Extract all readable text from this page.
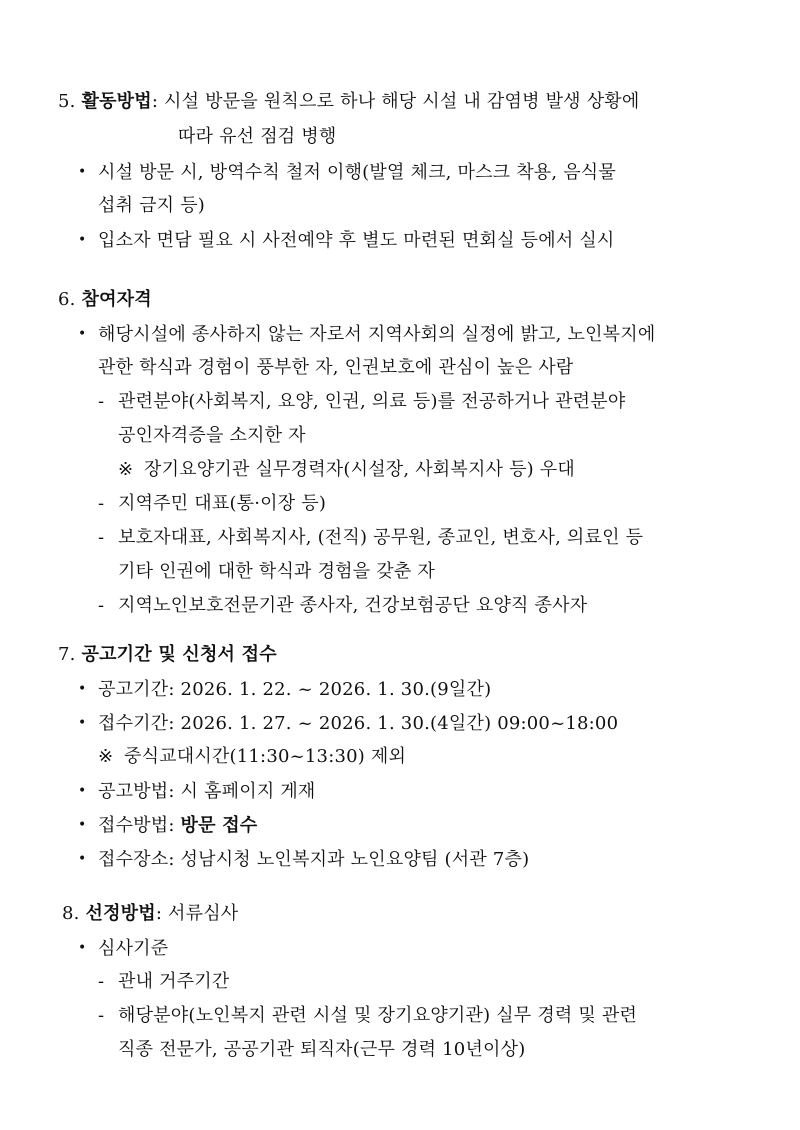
5. 활동방법: 시설 방문을 원칙으로 하나 해당 시설 내 감염병 발생 상황에
따라 유선 점검 병행
• 시설 방문 시, 방역수칙 철저 이행(발열 체크, 마스크 착용, 음식물
섭취 금지 등)
• 입소자 면담 필요 시 사전예약 후 별도 마련된 면회실 등에서 실시
6. 참여자격
• 해당시설에 종사하지 않는 자로서 지역사회의 실정에 밝고, 노인복지에
관한 학식과 경험이 풍부한 자, 인권보호에 관심이 높은 사람
- 관련분야(사회복지, 요양, 인권, 의료 등)를 전공하거나 관련분야
공인자격증을 소지한 자
※ 장기요양기관 실무경력자(시설장, 사회복지사 등) 우대
- 지역주민 대표(통·이장 등)
- 보호자대표, 사회복지사, (전직) 공무원, 종교인, 변호사, 의료인 등
기타 인권에 대한 학식과 경험을 갖춘 자
- 지역노인보호전문기관 종사자, 건강보험공단 요양직 종사자
7. 공고기간 및 신청서 접수
• 공고기간: 2026. 1. 22. ~ 2026. 1. 30.(9일간)
• 접수기간: 2026. 1. 27. ~ 2026. 1. 30.(4일간) 09:00~18:00
※ 중식교대시간(11:30~13:30) 제외
• 공고방법: 시 홈페이지 게재
• 접수방법: 방문 접수
• 접수장소: 성남시청 노인복지과 노인요양팀 (서관 7층)
8. 선정방법: 서류심사
• 심사기준
- 관내 거주기간
- 해당분야(노인복지 관련 시설 및 장기요양기관) 실무 경력 및 관련
직종 전문가, 공공기관 퇴직자(근무 경력 10년이상)
